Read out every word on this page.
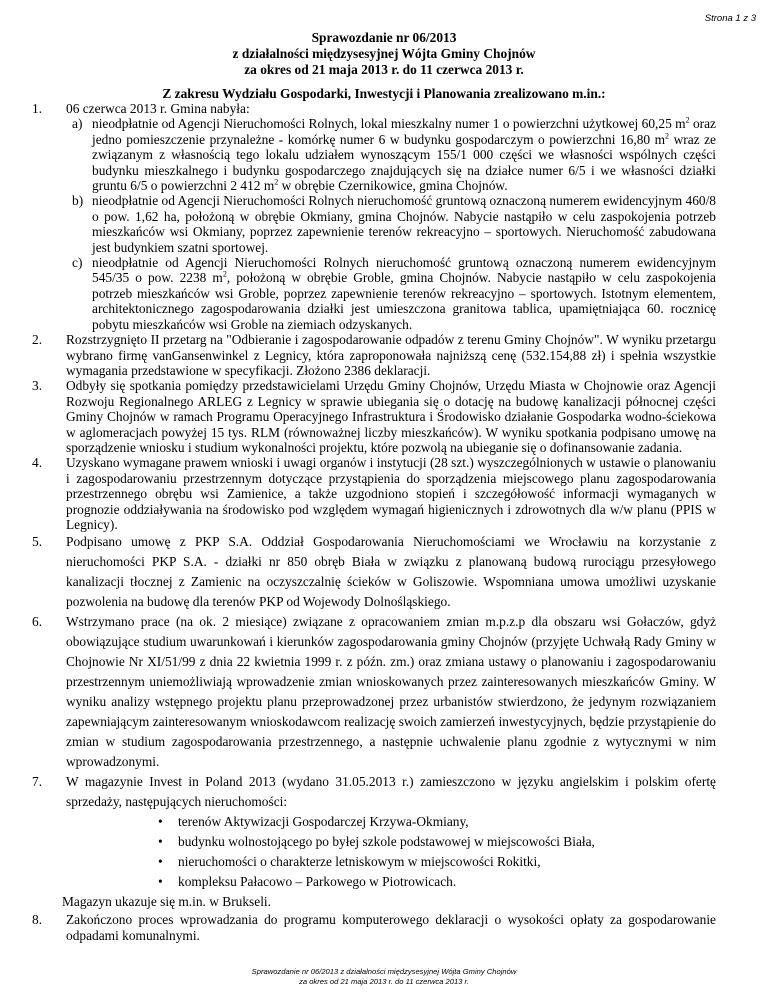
Strona 1 z 3
Sprawozdanie nr 06/2013
z działalności międzysesyjnej Wójta Gminy Chojnów
za okres od 21 maja 2013 r. do 11 czerwca 2013 r.
Z zakresu Wydziału Gospodarki, Inwestycji i Planowania zrealizowano m.in.:
1. 06 czerwca 2013 r. Gmina nabyła:
a) nieodpłatnie od Agencji Nieruchomości Rolnych, lokal mieszkalny numer 1 o powierzchni użytkowej 60,25 $m^2$ oraz jedno pomieszczenie przynależne - komórkę numer 6 w budynku gospodarczym o powierzchni 16,80 $m^2$ wraz ze związanym z własnością tego lokalu udziałem wynoszącym 155/1 000 części we własności wspólnych części budynku mieszkalnego i budynku gospodarczego znajdujących się na działce numer 6/5 i we własności działki gruntu 6/5 o powierzchni 2 412 $m^2$ w obrębie Czernikowice, gmina Chojnów.
b) nieodpłatnie od Agencji Nieruchomości Rolnych nieruchomość gruntową oznaczoną numerem ewidencyjnym 460/8 o pow. 1,62 ha, położoną w obrębie Okmiany, gmina Chojnów. Nabycie nastąpiło w celu zaspokojenia potrzeb mieszkańców wsi Okmiany, poprzez zapewnienie terenów rekreacyjno – sportowych. Nieruchomość zabudowana jest budynkiem szatni sportowej.
c) nieodpłatnie od Agencji Nieruchomości Rolnych nieruchomość gruntową oznaczoną numerem ewidencyjnym 545/35 o pow. 2238 $m^2$, położoną w obrębie Groble, gmina Chojnów. Nabycie nastąpiło w celu zaspokojenia potrzeb mieszkańców wsi Groble, poprzez zapewnienie terenów rekreacyjno – sportowych. Istotnym elementem, architektonicznego zagospodarowania działki jest umieszczona granitowa tablica, upamiętniająca 60. rocznicę pobytu mieszkańców wsi Groble na ziemiach odzyskanych.
2. Rozstrzygnięto II przetarg na "Odbieranie i zagospodarowanie odpadów z terenu Gminy Chojnów". W wyniku przetargu wybrano firmę vanGansenwinkel z Legnicy, która zaproponowała najniższą cenę (532.154,88 zł) i spełnia wszystkie wymagania przedstawione w specyfikacji. Złożono 2386 deklaracji.
3. Odbyły się spotkania pomiędzy przedstawicielami Urzędu Gminy Chojnów, Urzędu Miasta w Chojnowie oraz Agencji Rozwoju Regionalnego ARLEG z Legnicy w sprawie ubiegania się o dotację na budowę kanalizacji północnej części Gminy Chojnów w ramach Programu Operacyjnego Infrastruktura i Środowisko działanie Gospodarka wodno-ściekowa w aglomeracjach powyżej 15 tys. RLM (równoważnej liczby mieszkańców). W wyniku spotkania podpisano umowę na sporządzenie wniosku i studium wykonalności projektu, które pozwolą na ubieganie się o dofinansowanie zadania.
4. Uzyskano wymagane prawem wnioski i uwagi organów i instytucji (28 szt.) wyszczególnionych w ustawie o planowaniu i zagospodarowaniu przestrzennym dotyczące przystąpienia do sporządzenia miejscowego planu zagospodarowania przestrzennego obrębu wsi Zamienice, a także uzgodniono stopień i szczegółowość informacji wymaganych w prognozie oddziaływania na środowisko pod względem wymagań higienicznych i zdrowotnych dla w/w planu (PPIS w Legnicy).
5. Podpisano umowę z PKP S.A. Oddział Gospodarowania Nieruchomościami we Wrocławiu na korzystanie z nieruchomości PKP S.A. - działki nr 850 obręb Biała w związku z planowaną budową rurociągu przesyłowego kanalizacji tłocznej z Zamienic na oczyszczalnię ścieków w Goliszowie. Wspomniana umowa umożliwi uzyskanie pozwolenia na budowę dla terenów PKP od Wojewody Dolnośląskiego.
6. Wstrzymano prace (na ok. 2 miesiące) związane z opracowaniem zmian m.p.z.p dla obszaru wsi Gołaczów, gdyż obowiązujące studium uwarunkowań i kierunków zagospodarowania gminy Chojnów (przyjęte Uchwałą Rady Gminy w Chojnowie Nr XI/51/99 z dnia 22 kwietnia 1999 r. z późn. zm.) oraz zmiana ustawy o planowaniu i zagospodarowaniu przestrzennym uniemożliwiają wprowadzenie zmian wnioskowanych przez zainteresowanych mieszkańców Gminy. W wyniku analizy wstępnego projektu planu przeprowadzonej przez urbanistów stwierdzono, że jedynym rozwiązaniem zapewniającym zainteresowanym wnioskodawcom realizację swoich zamierzeń inwestycyjnych, będzie przystąpienie do zmian w studium zagospodarowania przestrzennego, a następnie uchwalenie planu zgodnie z wytycznymi w nim wprowadzonymi.
7. W magazynie Invest in Poland 2013 (wydano 31.05.2013 r.) zamieszczono w języku angielskim i polskim ofertę sprzedaży, następujących nieruchomości:
• terenów Aktywizacji Gospodarczej Krzywa-Okmiany,
• budynku wolnostojącego po byłej szkole podstawowej w miejscowości Biała,
• nieruchomości o charakterze letniskowym w miejscowości Rokitki,
• kompleksu Pałacowo – Parkowego w Piotrowicach.
Magazyn ukazuje się m.in. w Brukseli.
8. Zakończono proces wprowadzania do programu komputerowego deklaracji o wysokości opłaty za gospodarowanie odpadami komunalnymi.
Sprawozdanie nr 06/2013 z działalności międzysesyjnej Wójta Gminy Chojnów
za okres od 21 maja 2013 r. do 11 czerwca 2013 r.
